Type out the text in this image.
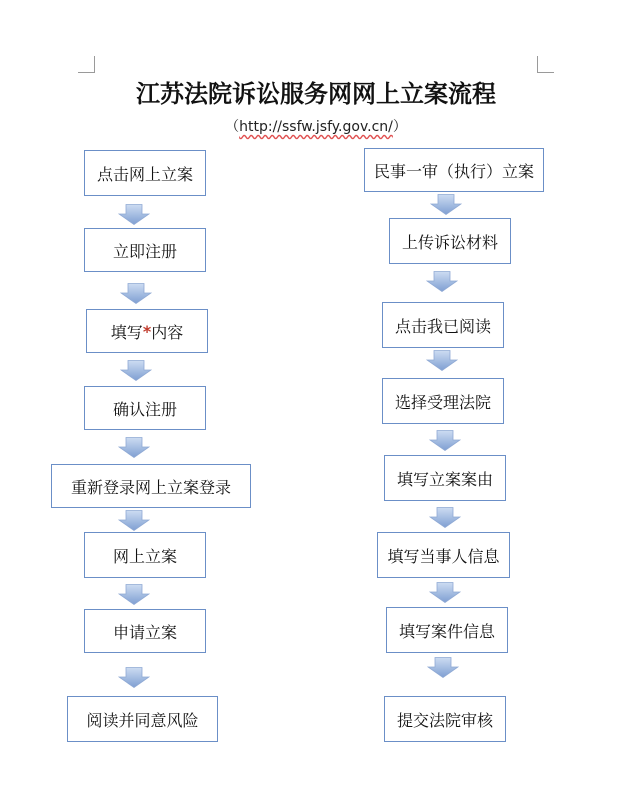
江苏法院诉讼服务网网上立案流程
（http://ssfw.jsfy.gov.cn/）
点击网上立案
立即注册
填写 * 内容
确认注册
重新登录网上立案登录
网上立案
申请立案
阅读并同意风险
民事一审（执行）立案
上传诉讼材料
点击我已阅读
选择受理法院
填写立案案由
填写当事人信息
填写案件信息
提交法院审核
